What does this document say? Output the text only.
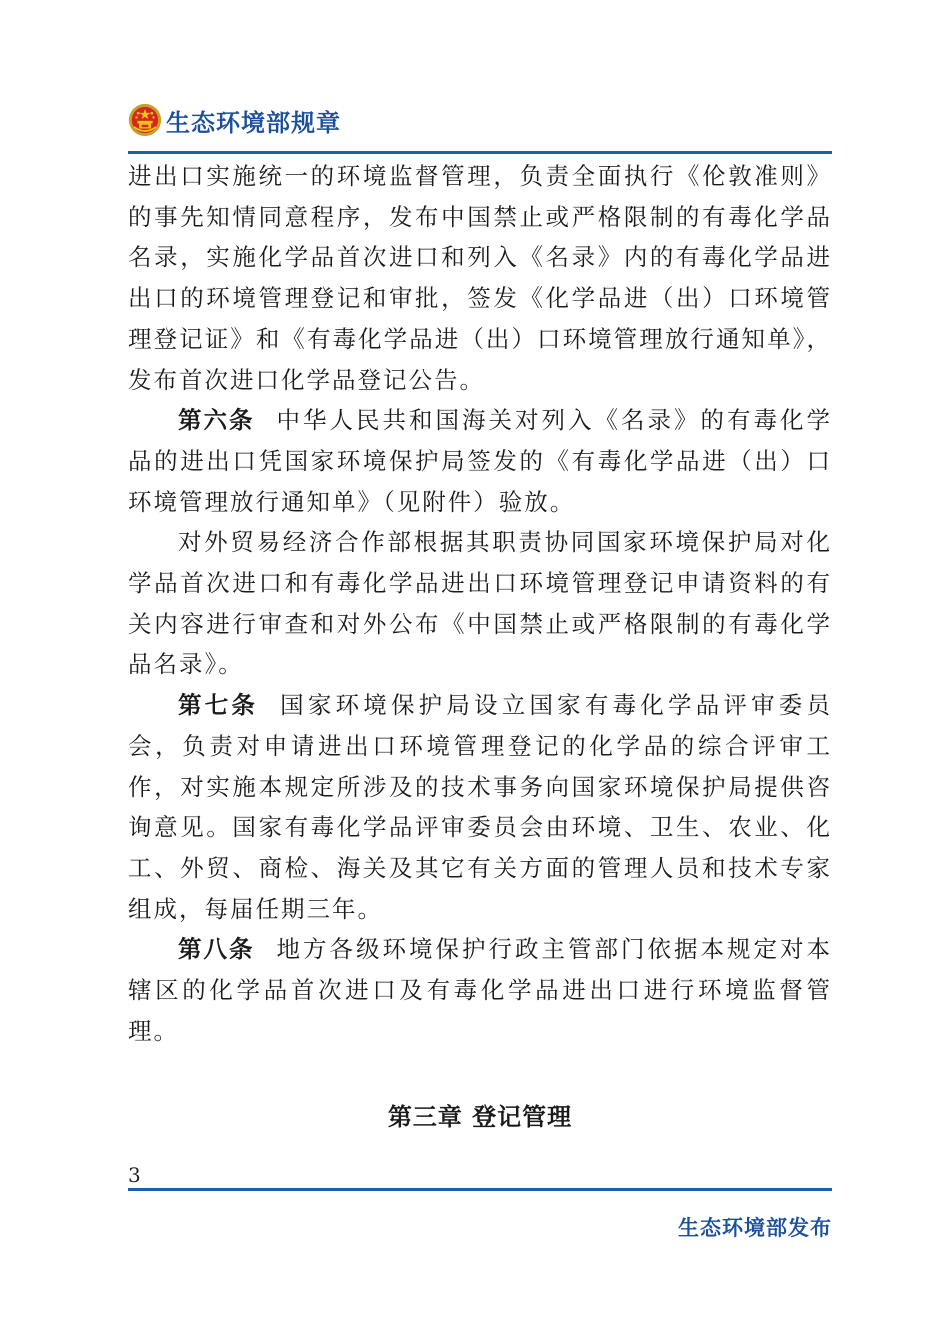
生态环境部规章

进出口实施统一的环境监督管理，负责全面执行《伦敦准则》的事先知情同意程序，发布中国禁止或严格限制的有毒化学品名录，实施化学品首次进口和列入《名录》内的有毒化学品进出口的环境管理登记和审批，签发《化学品进（出）口环境管理登记证》和《有毒化学品进（出）口环境管理放行通知单》，发布首次进口化学品登记公告。

第六条 中华人民共和国海关对列入《名录》的有毒化学品的进出口凭国家环境保护局签发的《有毒化学品进（出）口环境管理放行通知单》（见附件）验放。

对外贸易经济合作部根据其职责协同国家环境保护局对化学品首次进口和有毒化学品进出口环境管理登记申请资料的有关内容进行审查和对外公布《中国禁止或严格限制的有毒化学品名录》。

第七条 国家环境保护局设立国家有毒化学品评审委员会，负责对申请进出口环境管理登记的化学品的综合评审工作，对实施本规定所涉及的技术事务向国家环境保护局提供咨询意见。国家有毒化学品评审委员会由环境、卫生、农业、化工、外贸、商检、海关及其它有关方面的管理人员和技术专家组成，每届任期三年。

第八条 地方各级环境保护行政主管部门依据本规定对本辖区的化学品首次进口及有毒化学品进出口进行环境监督管理。

第三章 登记管理
3
生态环境部发布
